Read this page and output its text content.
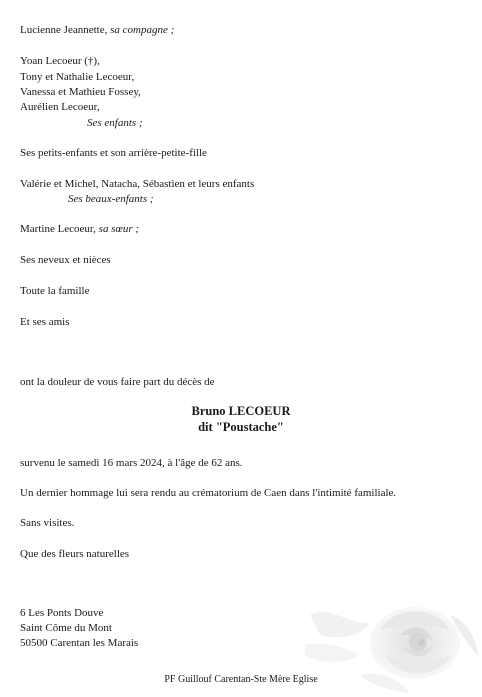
Lucienne Jeannette, sa compagne ;
Yoan Lecoeur (†),
Tony et Nathalie Lecoeur,
Vanessa et Mathieu Fossey,
Aurélien Lecoeur,
Ses enfants ;
Ses petits-enfants et son arrière-petite-fille
Valérie et Michel, Natacha, Sébastien et leurs enfants
Ses beaux-enfants ;
Martine Lecoeur, sa sœur ;
Ses neveux et nièces
Toute la famille
Et ses amis
ont la douleur de vous faire part du décès de
Bruno LECOEUR
dit "Poustache"
survenu le samedi 16 mars 2024, à l'âge de 62 ans.
Un dernier hommage lui sera rendu au crématorium de Caen dans l'intimité familiale.
Sans visites.
Que des fleurs naturelles
6 Les Ponts Douve
Saint Côme du Mont
50500 Carentan les Marais
PF Guillouf Carentan-Ste Mère Eglise
